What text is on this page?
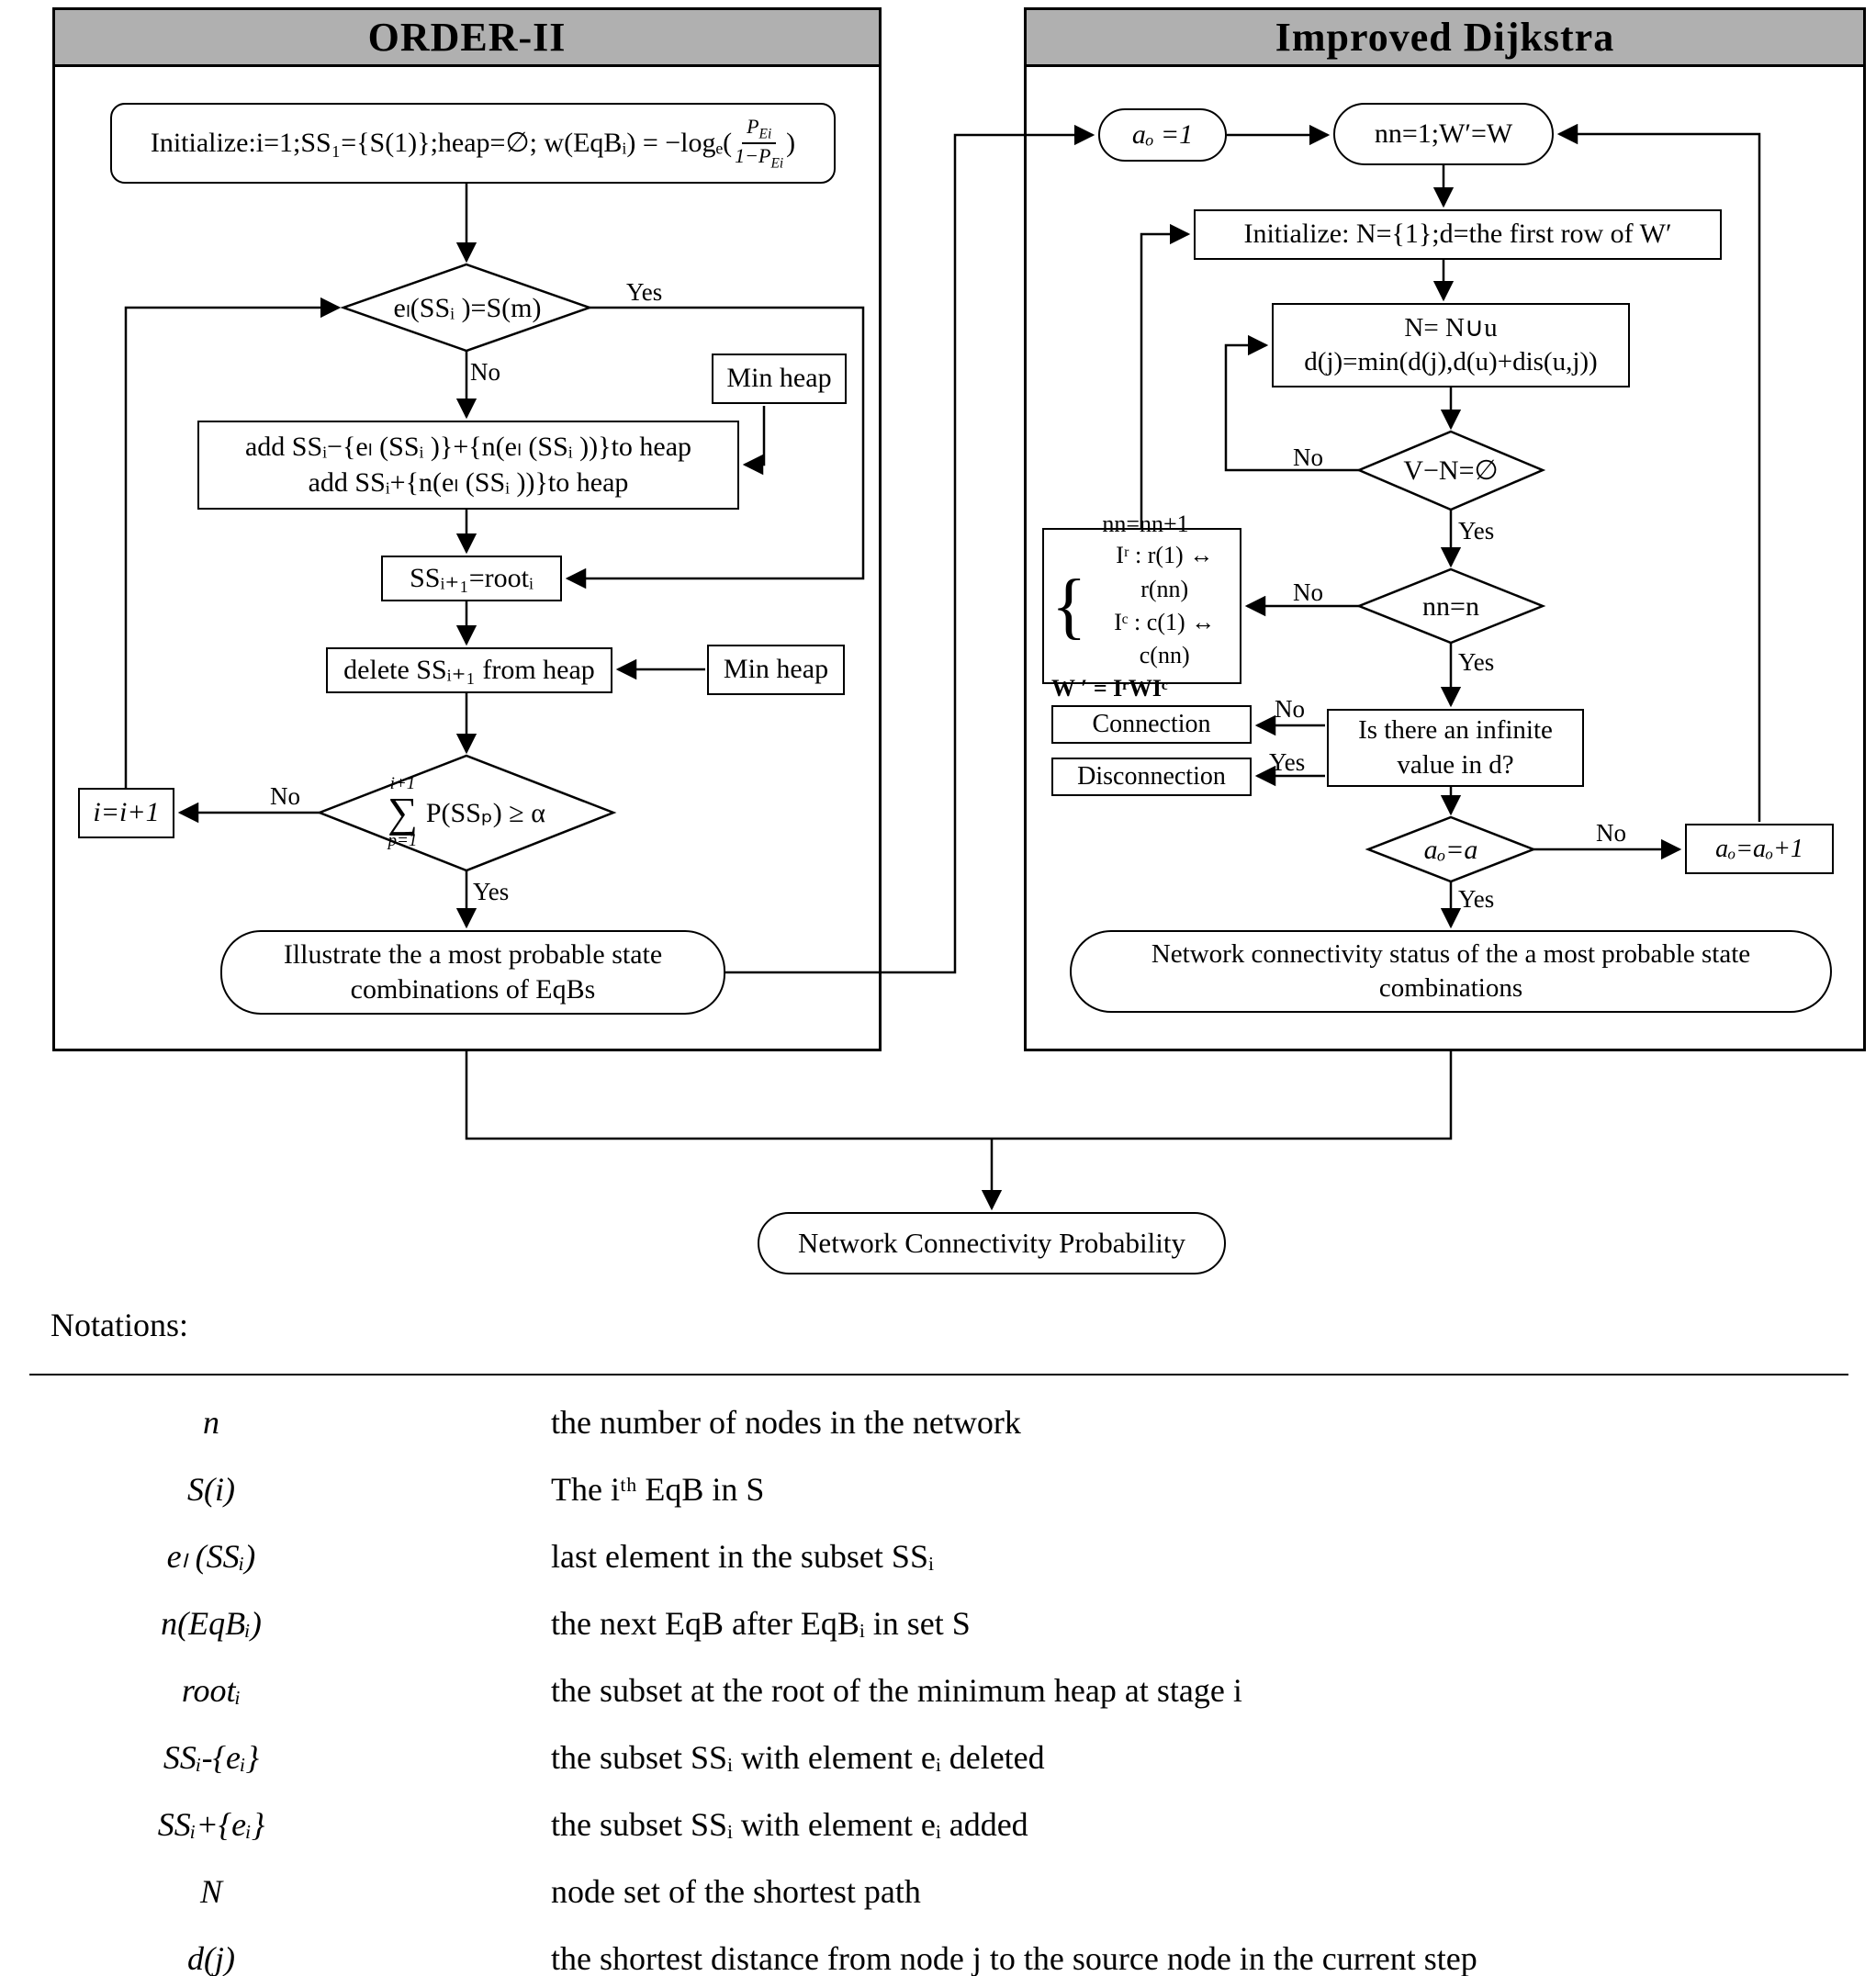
ORDER-II	Improved Dijkstra
Initialize:i=1;SS₁={S(1)};heap=∅; w(EqBᵢ) = $-\log_e( \frac{P_{Ei}}{1-P_{Ei}}$ )
eₗ(SSᵢ )=S(m)
Min heap
add SSᵢ−{eₗ (SSᵢ )}+{n(eₗ (SSᵢ ))}to heap
add SSᵢ+{n(eₗ (SSᵢ ))}to heap
SSᵢ₊₁=rootᵢ
delete SSᵢ₊₁ from heap	Min heap
i+1
∑
p=1
P(SSₚ) ≥ α
i=i+1
Illustrate the a most probable state
combinations of EqBs
aₒ =1	nn=1;W′=W
Initialize: N={1};d=the first row of W′
N= N∪u
d(j)=min(d(j),d(u)+dis(u,j))
V−N=∅
nn=n
nn=nn+1
{
Iʳ : r(1) ↔ r(nn)
Iᶜ : c(1) ↔ c(nn)
W ′ = IʳWIᶜ
Is there an infinite
value in d?
Connection
Disconnection
aₒ=a	aₒ=aₒ+1
Network connectivity status of the a most probable state
combinations
Network Connectivity Probability
Yes
No
No
Yes
No
Yes
No
Yes
No
Yes
No
Yes
Notations:
n	the number of nodes in the network
S(i)	The iᵗʰ EqB in S
eₗ (SSᵢ)	last element in the subset SSᵢ
n(EqBᵢ)	the next EqB after EqBᵢ in set S
rootᵢ	the subset at the root of the minimum heap at stage i
SSᵢ-{eᵢ}	the subset SSᵢ with element eᵢ deleted
SSᵢ+{eᵢ}	the subset SSᵢ with element eᵢ added
N	node set of the shortest path
d(j)	the shortest distance from node j to the source node in the current step
